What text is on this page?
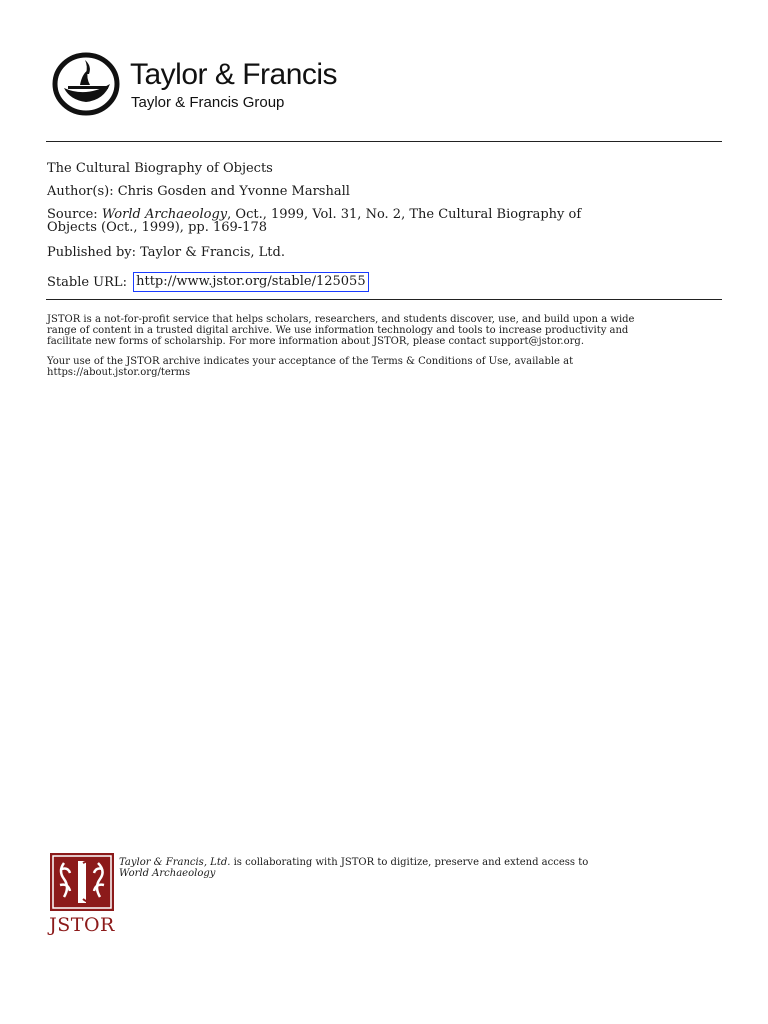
Taylor & Francis
Taylor & Francis Group
The Cultural Biography of Objects
Author(s): Chris Gosden and Yvonne Marshall
Source: World Archaeology, Oct., 1999, Vol. 31, No. 2, The Cultural Biography of
Objects (Oct., 1999), pp. 169-178
Published by: Taylor & Francis, Ltd.
Stable URL: http://www.jstor.org/stable/125055
JSTOR is a not-for-profit service that helps scholars, researchers, and students discover, use, and build upon a wide
range of content in a trusted digital archive. We use information technology and tools to increase productivity and
facilitate new forms of scholarship. For more information about JSTOR, please contact support@jstor.org.
Your use of the JSTOR archive indicates your acceptance of the Terms & Conditions of Use, available at
https://about.jstor.org/terms
JSTOR
Taylor & Francis, Ltd. is collaborating with JSTOR to digitize, preserve and extend access to
World Archaeology
